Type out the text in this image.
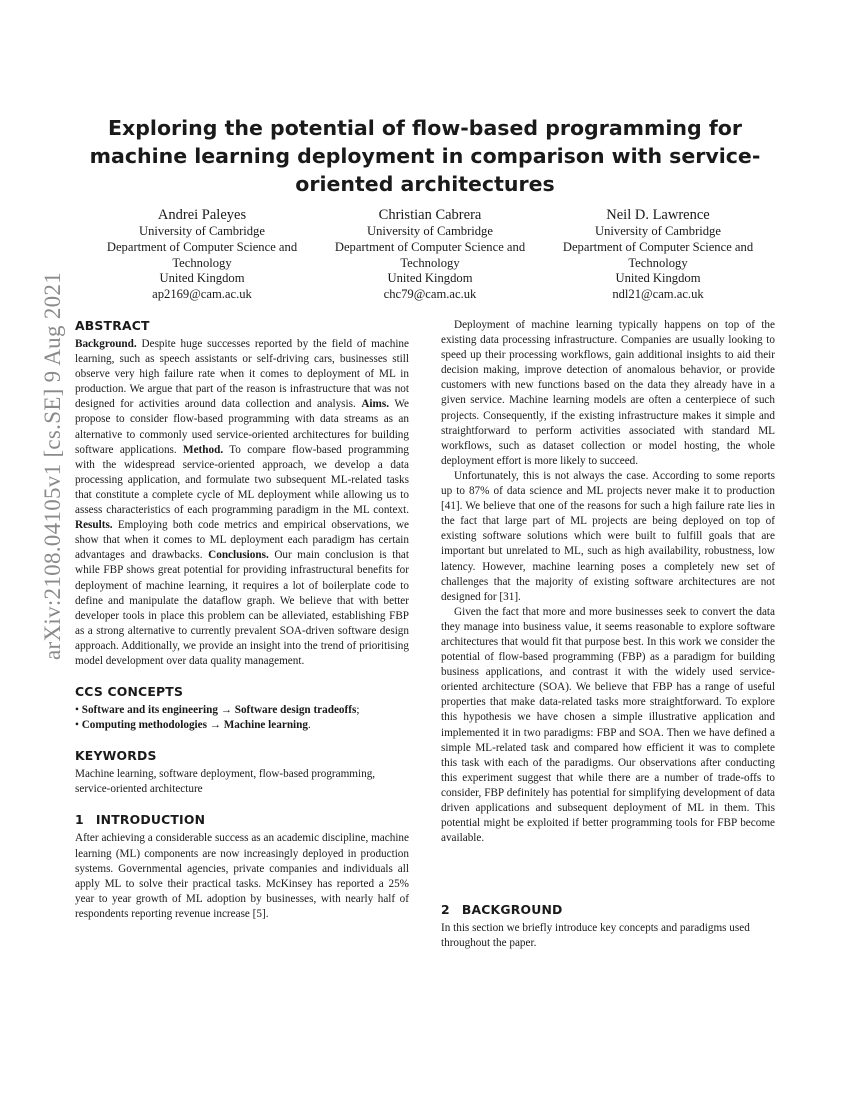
arXiv:2108.04105v1 [cs.SE] 9 Aug 2021
Exploring the potential of flow-based programming for machine learning deployment in comparison with service-oriented architectures
Andrei Paleyes
University of Cambridge
Department of Computer Science and Technology
United Kingdom
ap2169@cam.ac.uk
Christian Cabrera
University of Cambridge
Department of Computer Science and Technology
United Kingdom
chc79@cam.ac.uk
Neil D. Lawrence
University of Cambridge
Department of Computer Science and Technology
United Kingdom
ndl21@cam.ac.uk
ABSTRACT

Background. Despite huge successes reported by the field of machine learning, such as speech assistants or self-driving cars, businesses still observe very high failure rate when it comes to deployment of ML in production. We argue that part of the reason is infrastructure that was not designed for activities around data collection and analysis. Aims. We propose to consider flow-based programming with data streams as an alternative to commonly used service-oriented architectures for building software applications. Method. To compare flow-based programming with the widespread service-oriented approach, we develop a data processing application, and formulate two subsequent ML-related tasks that constitute a complete cycle of ML deployment while allowing us to assess characteristics of each programming paradigm in the ML context. Results. Employing both code metrics and empirical observations, we show that when it comes to ML deployment each paradigm has certain advantages and drawbacks. Conclusions. Our main conclusion is that while FBP shows great potential for providing infrastructural benefits for deployment of machine learning, it requires a lot of boilerplate code to define and manipulate the dataflow graph. We believe that with better developer tools in place this problem can be alleviated, establishing FBP as a strong alternative to currently prevalent SOA-driven software design approach. Additionally, we provide an insight into the trend of prioritising model development over data quality management.

CCS CONCEPTS
• Software and its engineering → Software design tradeoffs;
• Computing methodologies → Machine learning.
KEYWORDS

Machine learning, software deployment, flow-based programming, service-oriented architecture

1 INTRODUCTION

After achieving a considerable success as an academic discipline, machine learning (ML) components are now increasingly deployed in production systems. Governmental agencies, private companies and individuals all apply ML to solve their practical tasks. McKinsey has reported a 25% year to year growth of ML adoption by businesses, with nearly half of respondents reporting revenue increase [5].

Deployment of machine learning typically happens on top of the existing data processing infrastructure. Companies are usually looking to speed up their processing workflows, gain additional insights to aid their decision making, improve detection of anomalous behavior, or provide customers with new functions based on the data they already have in a given service. Machine learning models are often a centerpiece of such projects. Consequently, if the existing infrastructure makes it simple and straightforward to perform activities associated with standard ML workflows, such as dataset collection or model hosting, the whole deployment effort is more likely to succeed.

Unfortunately, this is not always the case. According to some reports up to 87% of data science and ML projects never make it to production [41]. We believe that one of the reasons for such a high failure rate lies in the fact that large part of ML projects are being deployed on top of existing software solutions which were built to fulfill goals that are important but unrelated to ML, such as high availability, robustness, low latency. However, machine learning poses a completely new set of challenges that the majority of existing software architectures are not designed for [31].

Given the fact that more and more businesses seek to convert the data they manage into business value, it seems reasonable to explore software architectures that would fit that purpose best. In this work we consider the potential of flow-based programming (FBP) as a paradigm for building business applications, and contrast it with the widely used service-oriented architecture (SOA). We believe that FBP has a range of useful properties that make data-related tasks more straightforward. To explore this hypothesis we have chosen a simple illustrative application and implemented it in two paradigms: FBP and SOA. Then we have defined a simple ML-related task and compared how efficient it was to complete this task with each of the paradigms. Our observations after conducting this experiment suggest that while there are a number of trade-offs to consider, FBP definitely has potential for simplifying development of data driven applications and subsequent deployment of ML in them. This potential might be exploited if better programming tools for FBP become available.

2 BACKGROUND

In this section we briefly introduce key concepts and paradigms used throughout the paper.
